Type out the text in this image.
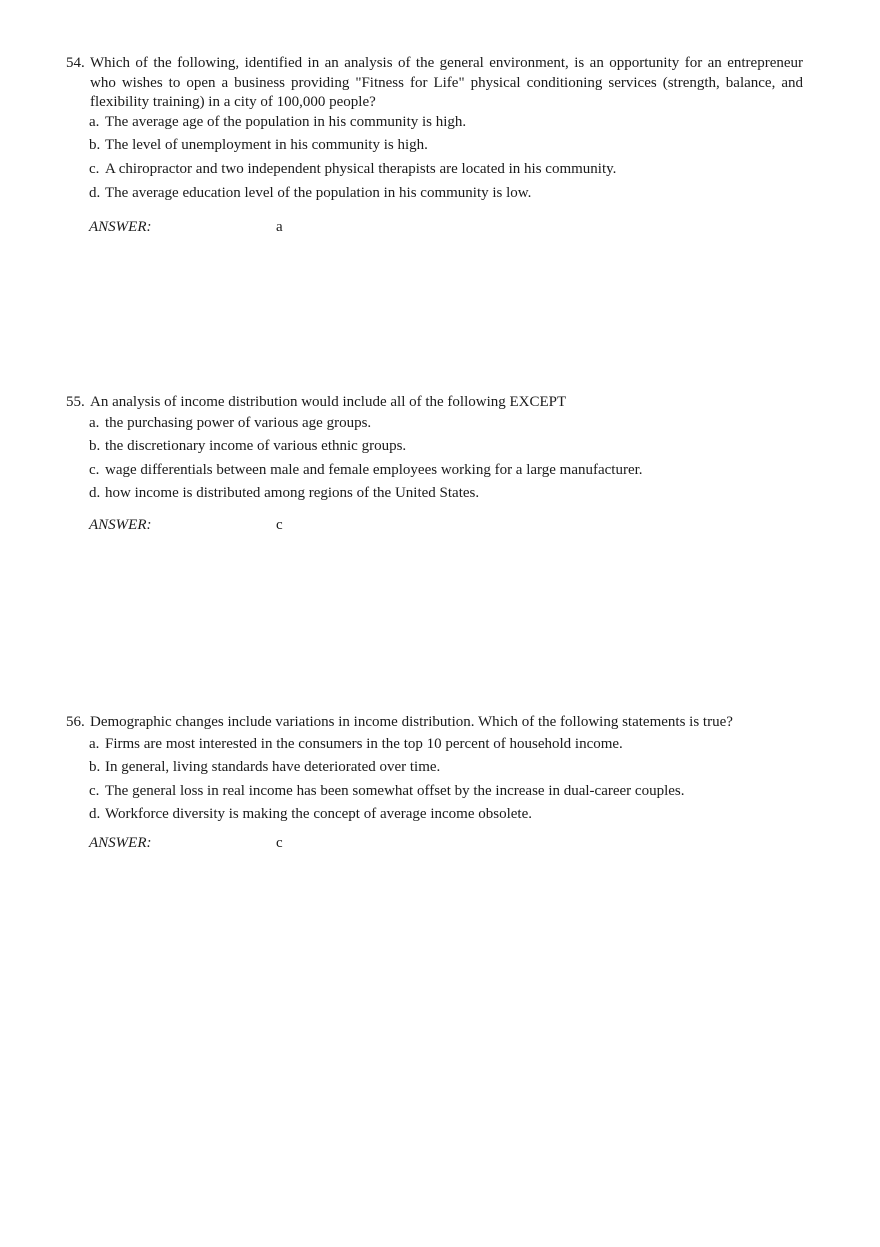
54. Which of the following, identified in an analysis of the general environment, is an opportunity for an entrepreneur who wishes to open a business providing "Fitness for Life" physical conditioning services (strength, balance, and flexibility training) in a city of 100,000 people?
a. The average age of the population in his community is high.
b. The level of unemployment in his community is high.
c. A chiropractor and two independent physical therapists are located in his community.
d. The average education level of the population in his community is low.
ANSWER:	a
55. An analysis of income distribution would include all of the following EXCEPT
a. the purchasing power of various age groups.
b. the discretionary income of various ethnic groups.
c. wage differentials between male and female employees working for a large manufacturer.
d. how income is distributed among regions of the United States.
ANSWER:	c
56. Demographic changes include variations in income distribution. Which of the following statements is true?
a. Firms are most interested in the consumers in the top 10 percent of household income.
b. In general, living standards have deteriorated over time.
c. The general loss in real income has been somewhat offset by the increase in dual-career couples.
d. Workforce diversity is making the concept of average income obsolete.
ANSWER:	c
